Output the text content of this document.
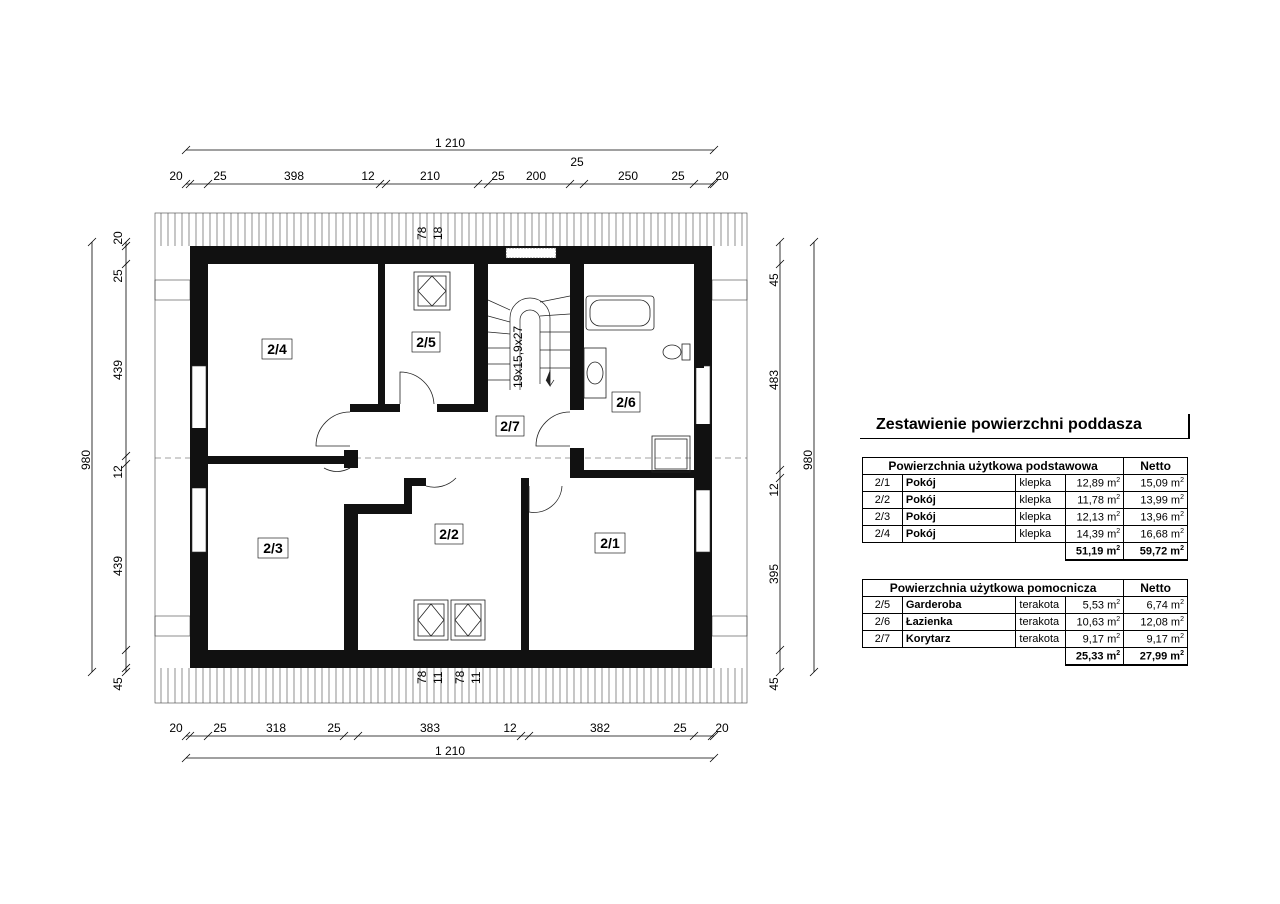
19x15,9x27
2/4	2/5
2/7
2/6
2/3
2/2
2/1
1 210
1 210
20	25	398	12	210	25 200
25
250	25	20
20	25	318	25	383	12	382	25 20
980
20
25
439
12
439
45
980
45
483
12
395
45
78 18
78 11 78 11
Zestawienie powierzchni poddasza
Powierzchnia użytkowa podstawowa				Netto
2/1	Pokój	klepka	12,89 $m^2$	15,09 $m^2$
2/2	Pokój	klepka	11,78 $m^2$	13,99 $m^2$
2/3	Pokój	klepka	12,13 $m^2$	13,96 $m^2$
2/4	Pokój	klepka	14,39 $m^2$	16,68 $m^2$
			51,19 $m^2$	59,72 $m^2$
Powierzchnia użytkowa pomocnicza				Netto
2/5	Garderoba	terakota	5,53 $m^2$	6,74 $m^2$
2/6	Łazienka	terakota	10,63 $m^2$	12,08 $m^2$
2/7	Korytarz	terakota	9,17 $m^2$	9,17 $m^2$
			25,33 $m^2$	27,99 $m^2$
